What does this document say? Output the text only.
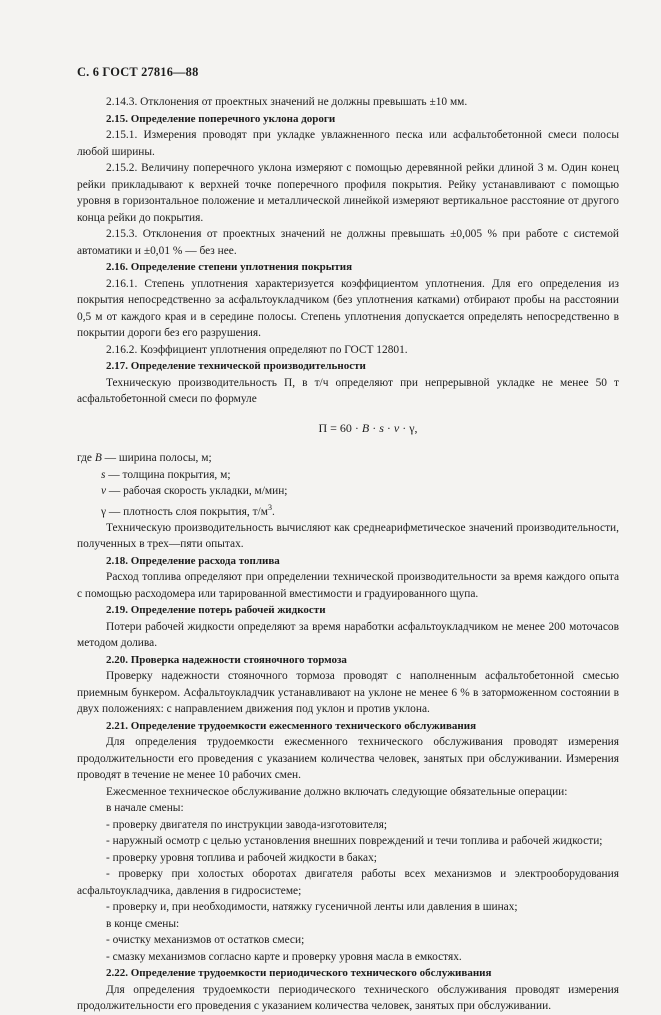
С. 6 ГОСТ 27816—88

2.14.3. Отклонения от проектных значений не должны превышать ±10 мм.

2.15. Определение поперечного уклона дороги

2.15.1. Измерения проводят при укладке увлажненного песка или асфальтобетонной смеси полосы любой ширины.

2.15.2. Величину поперечного уклона измеряют с помощью деревянной рейки длиной 3 м. Один конец рейки прикладывают к верхней точке поперечного профиля покрытия. Рейку устанавливают с помощью уровня в горизонтальное положение и металлической линейкой измеряют вертикальное расстояние от другого конца рейки до покрытия.

2.15.3. Отклонения от проектных значений не должны превышать ±0,005 % при работе с системой автоматики и ±0,01 % — без нее.

2.16. Определение степени уплотнения покрытия

2.16.1. Степень уплотнения характеризуется коэффициентом уплотнения. Для его определения из покрытия непосредственно за асфальтоукладчиком (без уплотнения катками) отбирают пробы на расстоянии 0,5 м от каждого края и в середине полосы. Степень уплотнения допускается определять непосредственно в покрытии дороги без его разрушения.

2.16.2. Коэффициент уплотнения определяют по ГОСТ 12801.

2.17. Определение технической производительности

Техническую производительность П, в т/ч определяют при непрерывной укладке не менее 50 т асфальтобетонной смеси по формуле

П = 60 · B · s · v · γ,

где B — ширина полосы, м;

s — толщина покрытия, м;

v — рабочая скорость укладки, м/мин;

γ — плотность слоя покрытия, $т/м^3$.

Техническую производительность вычисляют как среднеарифметическое значений производительности, полученных в трех—пяти опытах.

2.18. Определение расхода топлива

Расход топлива определяют при определении технической производительности за время каждого опыта с помощью расходомера или тарированной вместимости и градуированного щупа.

2.19. Определение потерь рабочей жидкости

Потери рабочей жидкости определяют за время наработки асфальтоукладчиком не менее 200 моточасов методом долива.

2.20. Проверка надежности стояночного тормоза

Проверку надежности стояночного тормоза проводят с наполненным асфальтобетонной смесью приемным бункером. Асфальтоукладчик устанавливают на уклоне не менее 6 % в заторможенном состоянии в двух положениях: с направлением движения под уклон и против уклона.

2.21. Определение трудоемкости ежесменного технического обслуживания

Для определения трудоемкости ежесменного технического обслуживания проводят измерения продолжительности его проведения с указанием количества человек, занятых при обслуживании. Измерения проводят в течение не менее 10 рабочих смен.

Ежесменное техническое обслуживание должно включать следующие обязательные операции:

в начале смены:

- проверку двигателя по инструкции завода-изготовителя;

- наружный осмотр с целью установления внешних повреждений и течи топлива и рабочей жидкости;

- проверку уровня топлива и рабочей жидкости в баках;

- проверку при холостых оборотах двигателя работы всех механизмов и электрооборудования асфальтоукладчика, давления в гидросистеме;

- проверку и, при необходимости, натяжку гусеничной ленты или давления в шинах;

в конце смены:

- очистку механизмов от остатков смеси;

- смазку механизмов согласно карте и проверку уровня масла в емкостях.

2.22. Определение трудоемкости периодического технического обслуживания

Для определения трудоемкости периодического технического обслуживания проводят измерения продолжительности его проведения с указанием количества человек, занятых при обслуживании.
